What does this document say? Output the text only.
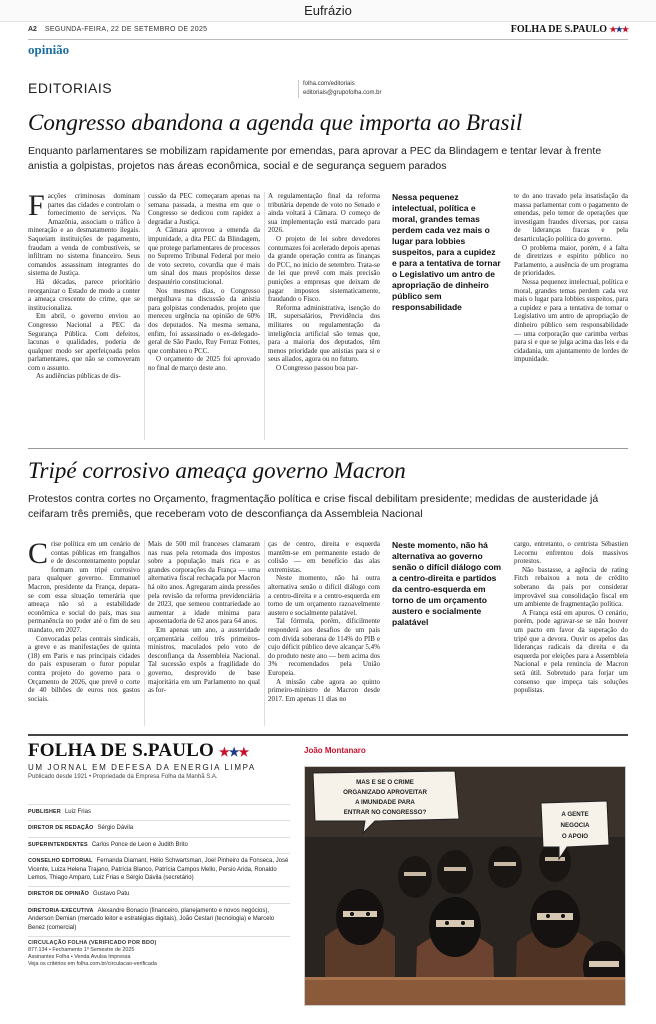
Eufrázio
A2 SEGUNDA-FEIRA, 22 DE SETEMBRO DE 2025	FOLHA DE S.PAULO ★★★
opinião
EDITORIAIS	folha.com/editoriais
editoriais@grupofolha.com.br
Congresso abandona a agenda que importa ao Brasil
Enquanto parlamentares se mobilizam rapidamente por emendas, para aprovar a PEC da Blindagem e tentar levar à frente anistia a golpistas, projetos nas áreas econômica, social e de segurança seguem parados

Facções criminosas dominam partes das cidades e controlam o fornecimento de serviços. Na Amazônia, associam o tráfico à mineração e ao desmatamento ilegais. Saqueiam instituições de pagamento, fraudam a venda de combustíveis, se infiltram no sistema financeiro. Seus comandos assassinam integrantes do sistema de Justiça.

Há décadas, parece prioritário reorganizar o Estado de modo a conter a ameaça crescente do crime, que se institucionaliza.

Em abril, o governo enviou ao Congresso Nacional a PEC da Segurança Pública. Com defeitos, lacunas e qualidades, poderia de qualquer modo ser aperfeiçoada pelos parlamentares, que não se comoveram com o assunto.

As audiências públicas de dis-

cussão da PEC começaram apenas na semana passada, a mesma em que o Congresso se dedicou com rapidez a degradar a Justiça.

A Câmara aprovou a emenda da impunidade, a dita PEC da Blindagem, que protege parlamentares de processos no Supremo Tribunal Federal por meio de voto secreto, covardia que é mais um sinal dos maus propósitos desse despautério constitucional.

Nos mesmos dias, o Congresso mergulhava na discussão da anistia para golpistas condenados, projeto que mereceu urgência na opinião de 60% dos deputados. Na mesma semana, enfim, foi assassinado o ex-delegado-geral de São Paulo, Ruy Ferraz Fontes, que combateu o PCC.

O orçamento de 2025 foi aprovado no final de março deste ano.

A regulamentação final da reforma tributária depende de voto no Senado e ainda voltará à Câmara. O começo de sua implementação está marcado para 2026.

O projeto de lei sobre devedores contumazes foi acelerado depois apenas da grande operação contra as finanças do PCC, no início de setembro. Trata-se de lei que prevê com mais precisão punições a empresas que deixam de pagar impostos sistematicamente, fraudando o Fisco.

Reforma administrativa, isenção do IR, supersalários, Previdência dos militares ou regulamentação da inteligência artificial são temas que, para a maioria dos deputados, têm menos prioridade que anistias para si e seus aliados, agora ou no futuro.

O Congresso passou boa par-

Nessa pequenez intelectual, política e moral, grandes temas perdem cada vez mais o lugar para lobbies suspeitos, para a cupidez e para a tentativa de tornar o Legislativo um antro de apropriação de dinheiro público sem responsabilidade

te do ano travado pela insatisfação da massa parlamentar com o pagamento de emendas, pelo temor de operações que investigam fraudes diversas, por causa de lideranças fracas e pela desarticulação política do governo.

O problema maior, porém, é a falta de diretrizes e espírito público no Parlamento, a ausência de um programa de prioridades.

Nessa pequenez intelectual, política e moral, grandes temas perdem cada vez mais o lugar para lobbies suspeitos, para a cupidez e para a tentativa de tornar o Legislativo um antro de apropriação de dinheiro público sem responsabilidade — uma corporação que carimba verbas para si e que se julga acima das leis e da cidadania, um ajuntamento de lordes de impunidade.

Tripé corrosivo ameaça governo Macron
Protestos contra cortes no Orçamento, fragmentação política e crise fiscal debilitam presidente; medidas de austeridade já ceifaram três premiês, que receberam voto de desconfiança da Assembleia Nacional

Crise política em um cenário de contas públicas em frangalhos e de descontentamento popular formam um tripé corrosivo para qualquer governo. Emmanuel Macron, presidente da França, depara-se com essa situação temerária que ameaça não só a estabilidade econômica e social do país, mas sua permanência no poder até o fim de seu mandato, em 2027.

Convocadas pelas centrais sindicais, a greve e as manifestações de quinta (18) em Paris e nas principais cidades do país expuseram o furor popular contra projeto do governo para o Orçamento de 2026, que prevê o corte de 40 bilhões de euros nos gastos sociais.

Mais de 500 mil franceses clamaram nas ruas pela retomada dos impostos sobre a população mais rica e as grandes corporações da França — uma alternativa fiscal rechaçada por Macron há oito anos. Agregaram ainda pressões pela revisão da reforma previdenciária de 2023, que semeou contrariedade ao aumentar a idade mínima para aposentadoria de 62 anos para 64 anos.

Em apenas um ano, a austeridade orçamentária ceifou três primeiros-ministros, maculados pelo voto de desconfiança da Assembleia Nacional. Tal sucessão expôs a fragilidade do governo, desprovido de base majoritária em um Parlamento no qual as for-

ças de centro, direita e esquerda mantêm-se em permanente estado de colisão — em benefício das alas extremistas.

Neste momento, não há outra alternativa senão o difícil diálogo com a centro-direita e a centro-esquerda em torno de um orçamento razoavelmente austero e socialmente palatável.

Tal fórmula, porém, dificilmente responderá aos desafios de um país com dívida soberana de 114% do PIB e cujo déficit público deve alcançar 5,4% do produto neste ano — bem acima dos 3% recomendados pela União Europeia.

A missão cabe agora ao quinto primeiro-ministro de Macron desde 2017. Em apenas 11 dias no

Neste momento, não há alternativa ao governo senão o difícil diálogo com a centro-direita e partidos da centro-esquerda em torno de um orçamento austero e socialmente palatável

cargo, entretanto, o centrista Sébastien Lecornu enfrentou dois massivos protestos.

Não bastasse, a agência de rating Fitch rebaixou a nota de crédito soberano da país por considerar improvável sua consolidação fiscal em um ambiente de fragmentação política.

A França está em apuros. O cenário, porém, pode agravar-se se não houver um pacto em favor da superação do tripé que a devora. Ouvir os apelos das lideranças radicais da direita e da esquerda por eleições para a Assembleia Nacional e pela renúncia de Macron será útil. Sobretudo para forjar um consenso que impeça tais soluções populistas.

FOLHA DE S.PAULO ★★★
UM JORNAL EM DEFESA DA ENERGIA LIMPA
Publicado desde 1921 • Propriedade da Empresa Folha da Manhã S.A.
PUBLISHER Luiz Frias
DIRETOR DE REDAÇÃO Sérgio Dávila
SUPERINTENDENTES Carlos Ponce de Leon e Judith Brito
CONSELHO EDITORIAL Fernanda Diamant, Hélio Schwartsman, Joel Pinheiro da Fonseca, José Vicente, Luiza Helena Trajano, Patrícia Blanco, Patrícia Campos Mello, Persio Arida, Ronaldo Lemos, Thiago Amparo, Luiz Frias e Sérgio Dávila (secretário)
DIRETOR DE OPINIÃO Gustavo Patu
DIRETORIA-EXECUTIVA Alexandre Bonacio (financeiro, planejamento e novos negócios), Anderson Demian (mercado leitor e estratégias digitais), João Cestari (tecnologia) e Marcelo Benez (comercial)
CIRCULAÇÃO FOLHA (VERIFICADO POR BDO)
877.134 • Fechamento 1º Semestre de 2025
Assinantes Folha • Venda Avulsa Impressa
Veja os critérios em folha.com.br/circulacao-verificada
João Montanaro
MAS E SE O CRIME
ORGANIZADO APROVEITAR
A IMUNIDADE PARA
ENTRAR NO CONGRESSO?	A GENTE
NEGOCIA
O APOIO
